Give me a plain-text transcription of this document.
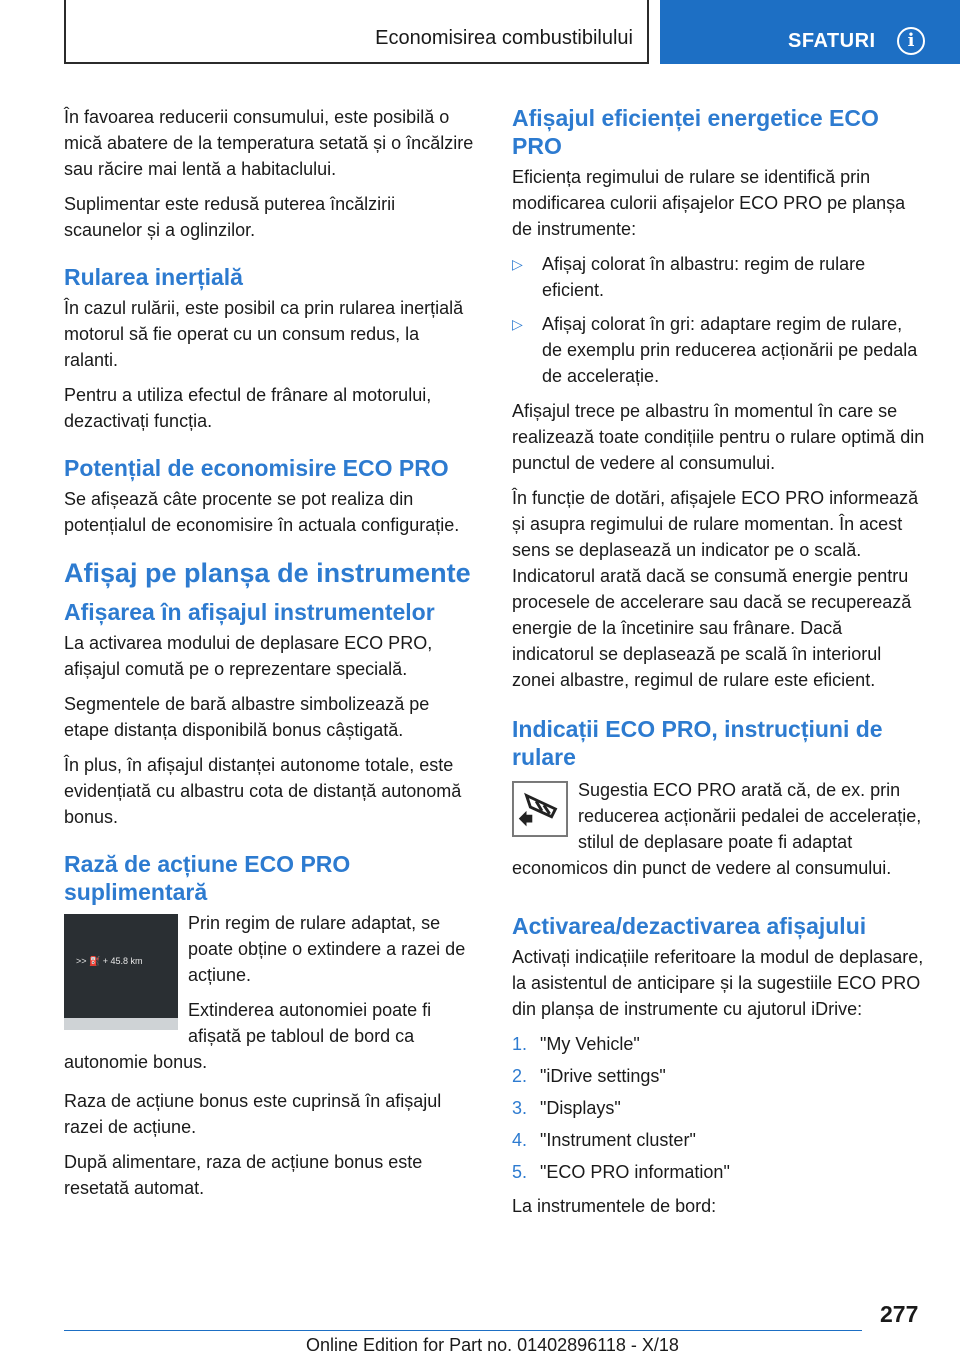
Economisirea combustibilului	SFATURI	i

În favoarea reducerii consumului, este posibilă o mică abatere de la temperatura setată și o încălzire sau răcire mai lentă a habitaclului.

Suplimentar este redusă puterea încălzirii scaunelor și a oglinzilor.

Rularea inerțială

În cazul rulării, este posibil ca prin rularea inerțială motorul să fie operat cu un consum redus, la ralanti.

Pentru a utiliza efectul de frânare al motorului, dezactivați funcția.

Potențial de economisire ECO PRO

Se afișează câte procente se pot realiza din potențialul de economisire în actuala configurație.

Afișaj pe planșa de instrumente
Afișarea în afișajul instrumentelor

La activarea modului de deplasare ECO PRO, afișajul comută pe o reprezentare specială.

Segmentele de bară albastre simbolizează pe etape distanța disponibilă bonus câștigată.

În plus, în afișajul distanței autonome totale, este evidențiată cu albastru cota de distanță autonomă bonus.

Rază de acțiune ECO PRO suplimentară
>> ⛽ + 45.8 km

Prin regim de rulare adaptat, se poate obține o extindere a razei de acțiune.

Extinderea autonomiei poate fi afișată pe tabloul de bord ca autonomie bonus.

Raza de acțiune bonus este cuprinsă în afișajul razei de acțiune.

După alimentare, raza de acțiune bonus este resetată automat.

Afișajul eficienței energetice ECO PRO

Eficiența regimului de rulare se identifică prin modificarea culorii afișajelor ECO PRO pe planșa de instrumente:

▷ Afișaj colorat în albastru: regim de rulare eficient.
▷ Afișaj colorat în gri: adaptare regim de rulare, de exemplu prin reducerea acționării pe pedala de accelerație.

Afișajul trece pe albastru în momentul în care se realizează toate condițiile pentru o rulare optimă din punctul de vedere al consumului.

În funcție de dotări, afișajele ECO PRO informează și asupra regimului de rulare momentan. În acest sens se deplasează un indicator pe o scală. Indicatorul arată dacă se consumă energie pentru procesele de accelerare sau dacă se recuperează energie de la încetinire sau frânare. Dacă indicatorul se deplasează pe scală în interiorul zonei albastre, regimul de rulare este eficient.

Indicații ECO PRO, instrucțiuni de rulare

Sugestia ECO PRO arată că, de ex. prin reducerea acționării pedalei de accelerație, stilul de deplasare poate fi adaptat economicos din punct de vedere al consumului.

Activarea/dezactivarea afișajului

Activați indicațiile referitoare la modul de deplasare, la asistentul de anticipare și la sugestiile ECO PRO din planșa de instrumente cu ajutorul iDrive:

1. "My Vehicle"
2. "iDrive settings"
3. "Displays"
4. "Instrument cluster"
5. "ECO PRO information"

La instrumentele de bord:

277
Online Edition for Part no. 01402896118 - X/18
